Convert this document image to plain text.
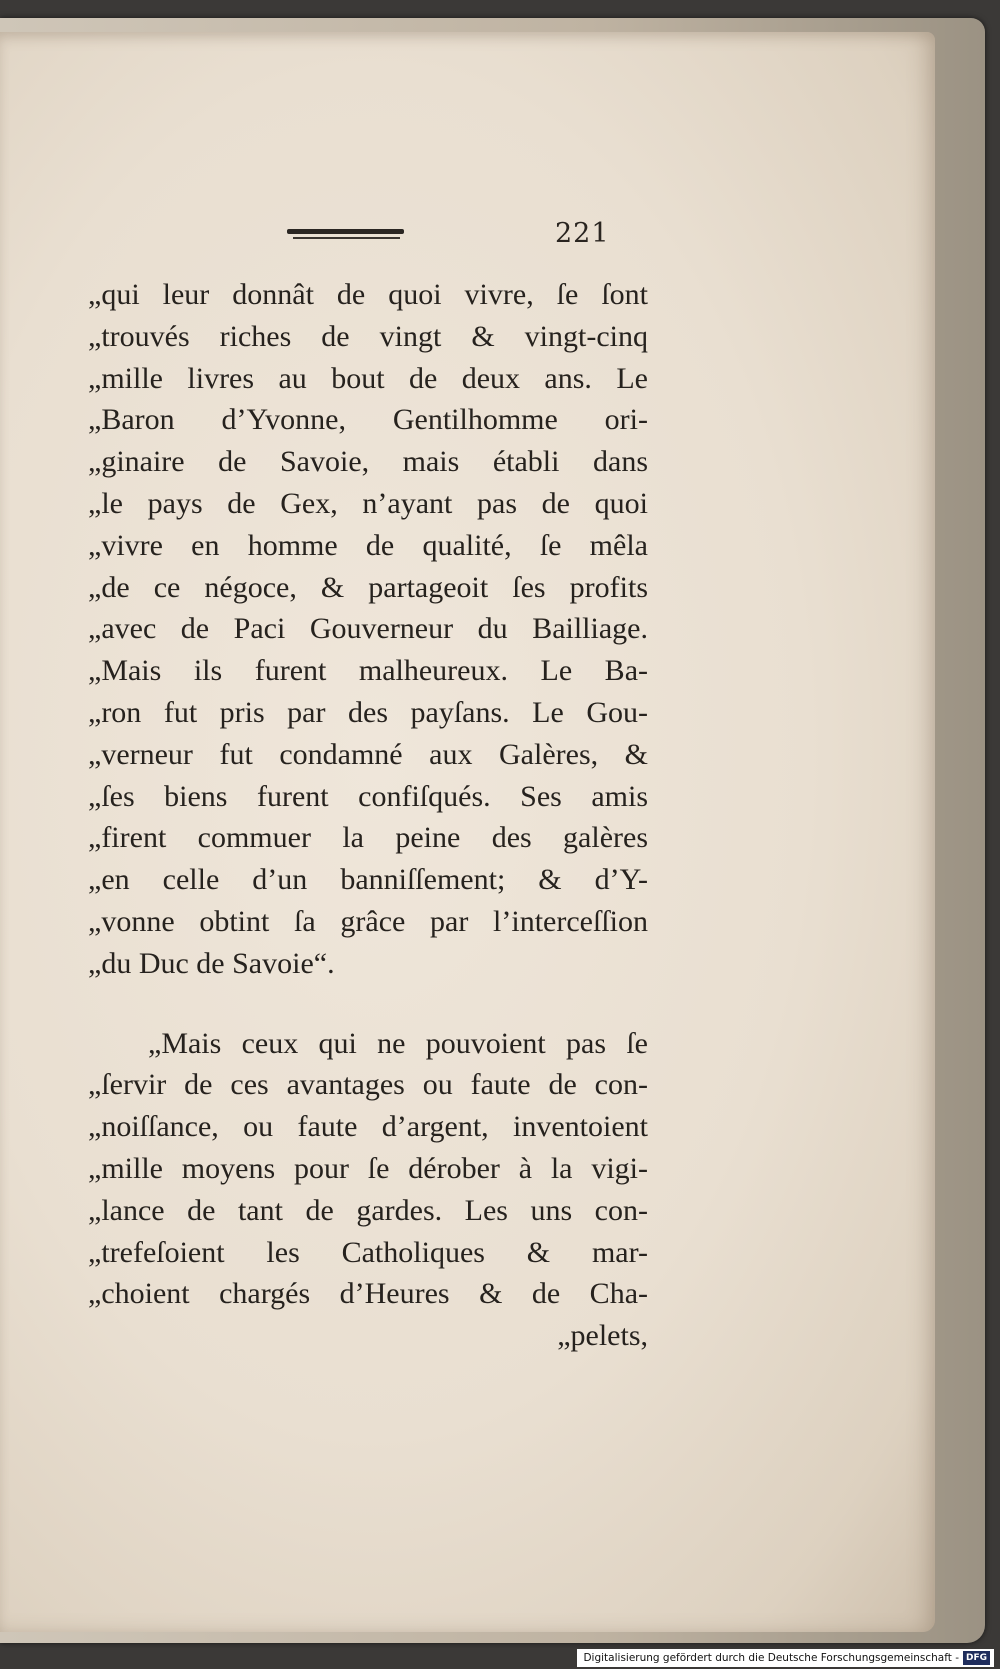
221
„qui leur donnât de quoi vivre, ſe ſont
„trouvés riches de vingt & vingt-cinq
„mille livres au bout de deux ans. Le
„Baron d’Yvonne, Gentilhomme ori-
„ginaire de Savoie, mais établi dans
„le pays de Gex, n’ayant pas de quoi
„vivre en homme de qualité, ſe mêla
„de ce négoce, & partageoit ſes profits
„avec de Paci Gouverneur du Bailliage.
„Mais ils furent malheureux. Le Ba-
„ron fut pris par des payſans. Le Gou-
„verneur fut condamné aux Galères, &
„ſes biens furent confiſqués. Ses amis
„firent commuer la peine des galères
„en celle d’un banniſſement; & d’Y-
„vonne obtint ſa grâce par l’interceſſion
„du Duc de Savoie“.
„Mais ceux qui ne pouvoient pas ſe
„ſervir de ces avantages ou faute de con-
„noiſſance, ou faute d’argent, inventoient
„mille moyens pour ſe dérober à la vigi-
„lance de tant de gardes. Les uns con-
„trefeſoient les Catholiques & mar-
„choient chargés d’Heures & de Cha-
„pelets,
Digitalisierung gefördert durch die Deutsche Forschungsgemeinschaft - DFG
